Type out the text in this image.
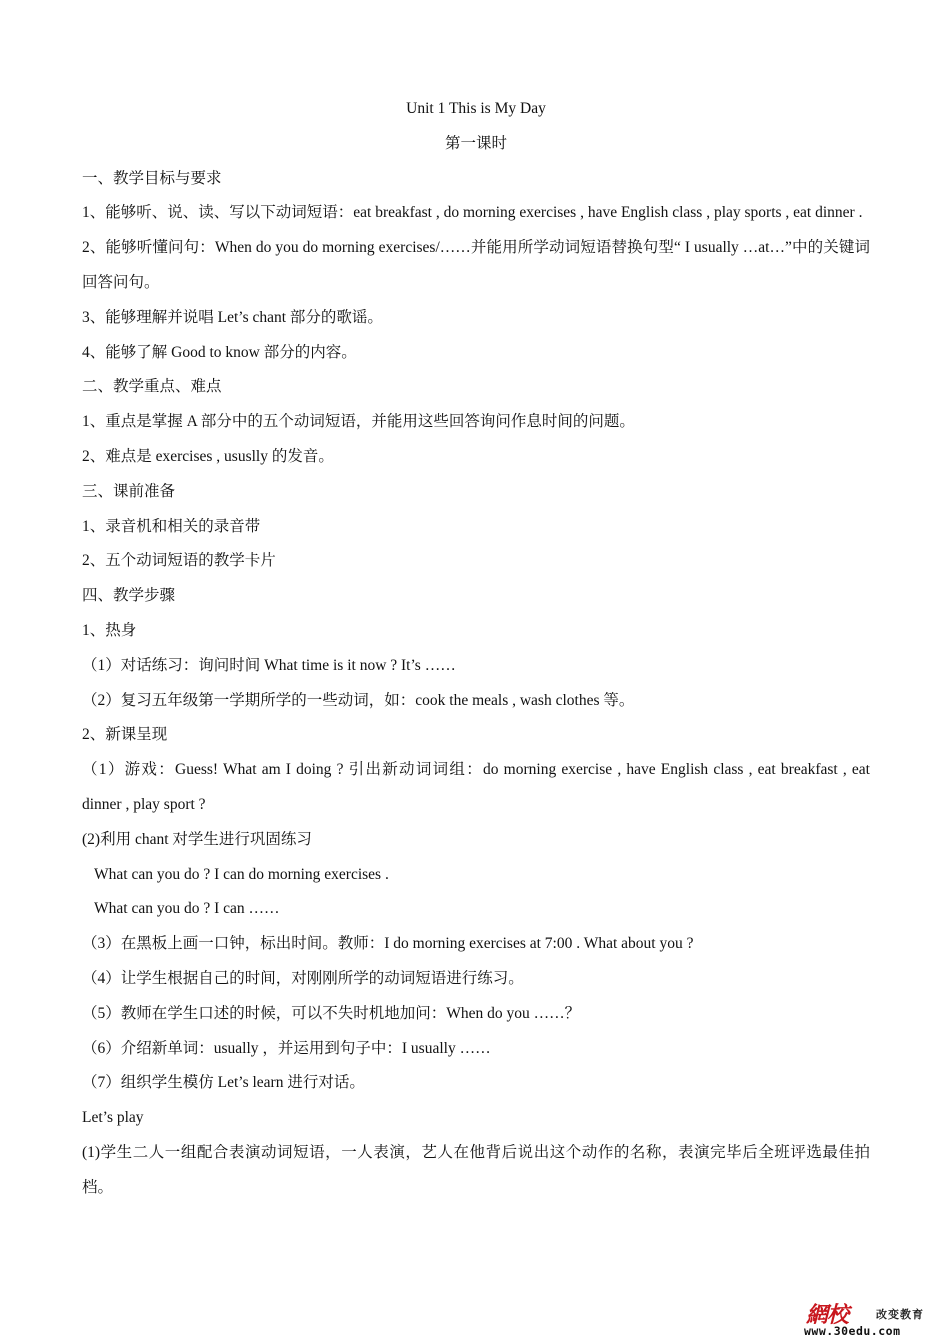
Unit 1 This is My Day

第一课时

一、教学目标与要求

1、能够听、说、读、写以下动词短语：eat breakfast , do morning exercises , have English class , play sports , eat dinner .

2、能够听懂问句：When do you do morning exercises/……并能用所学动词短语替换句型“ I usually …at…”中的关键词回答问句。

3、能够理解并说唱 Let’s chant 部分的歌谣。

4、能够了解 Good to know 部分的内容。

二、教学重点、难点

1、重点是掌握 A 部分中的五个动词短语，并能用这些回答询问作息时间的问题。

2、难点是 exercises , ususlly 的发音。

三、课前准备

1、录音机和相关的录音带

2、五个动词短语的教学卡片

四、教学步骤

1、热身

（1）对话练习：询问时间 What time is it now ? It’s ……

（2）复习五年级第一学期所学的一些动词，如：cook the meals , wash clothes 等。

2、新课呈现

（1）游戏：Guess! What am I doing ? 引出新动词词组：do morning exercise , have English class , eat breakfast , eat dinner , play sport ?

(2)利用 chant 对学生进行巩固练习

What can you do ? I can do morning exercises .

What can you do ? I can ……

（3）在黑板上画一口钟，标出时间。教师：I do morning exercises at 7:00 . What about you ?

（4）让学生根据自己的时间，对刚刚所学的动词短语进行练习。

（5）教师在学生口述的时候，可以不失时机地加问：When do you ……？

（6）介绍新单词：usually ，并运用到句子中：I usually ……

（7）组织学生模仿 Let’s learn 进行对话。

Let’s play

(1)学生二人一组配合表演动词短语，一人表演，艺人在他背后说出这个动作的名称，表演完毕后全班评选最佳拍档。

網校	改变教育
www.30edu.com
